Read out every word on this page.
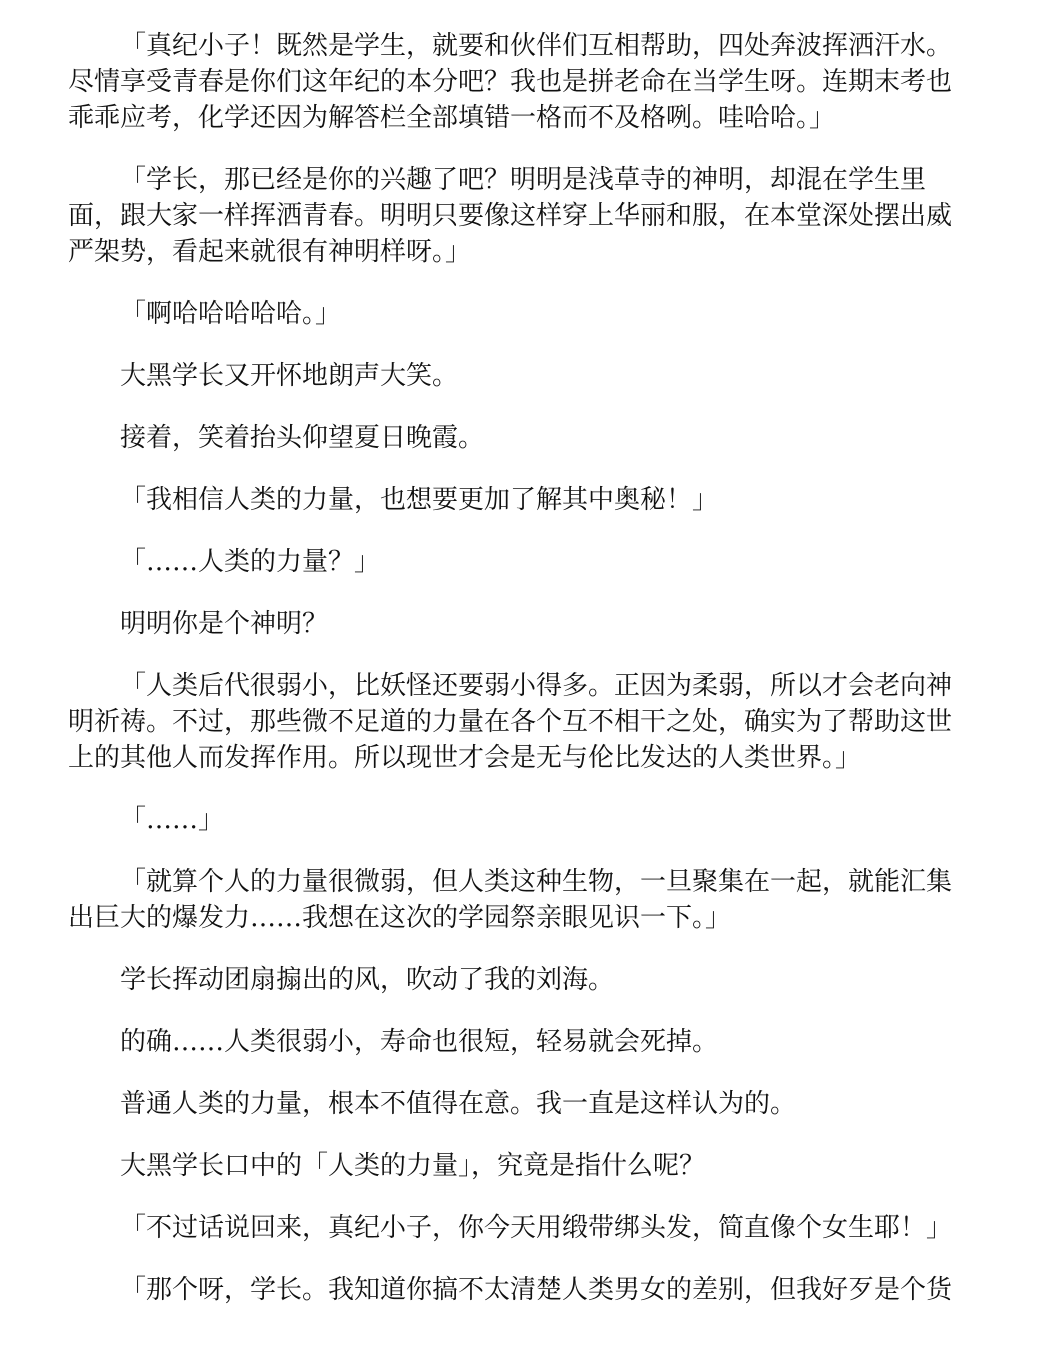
「真纪小子！既然是学生，就要和伙伴们互相帮助，四处奔波挥洒汗水。
尽情享受青春是你们这年纪的本分吧？我也是拼老命在当学生呀。连期末考也
乖乖应考，化学还因为解答栏全部填错一格而不及格咧。哇哈哈。」
「学长，那已经是你的兴趣了吧？明明是浅草寺的神明，却混在学生里
面，跟大家一样挥洒青春。明明只要像这样穿上华丽和服，在本堂深处摆出威
严架势，看起来就很有神明样呀。」
「啊哈哈哈哈哈。」
大黑学长又开怀地朗声大笑。
接着，笑着抬头仰望夏日晚霞。
「我相信人类的力量，也想要更加了解其中奥秘！」
「……人类的力量？」
明明你是个神明？
「人类后代很弱小，比妖怪还要弱小得多。正因为柔弱，所以才会老向神
明祈祷。不过，那些微不足道的力量在各个互不相干之处，确实为了帮助这世
上的其他人而发挥作用。所以现世才会是无与伦比发达的人类世界。」
「……」
「就算个人的力量很微弱，但人类这种生物，一旦聚集在一起，就能汇集
出巨大的爆发力……我想在这次的学园祭亲眼见识一下。」
学长挥动团扇搧出的风，吹动了我的刘海。
的确……人类很弱小，寿命也很短，轻易就会死掉。
普通人类的力量，根本不值得在意。我一直是这样认为的。
大黑学长口中的「人类的力量」，究竟是指什么呢？
「不过话说回来，真纪小子，你今天用缎带绑头发，简直像个女生耶！」
「那个呀，学长。我知道你搞不太清楚人类男女的差别，但我好歹是个货
